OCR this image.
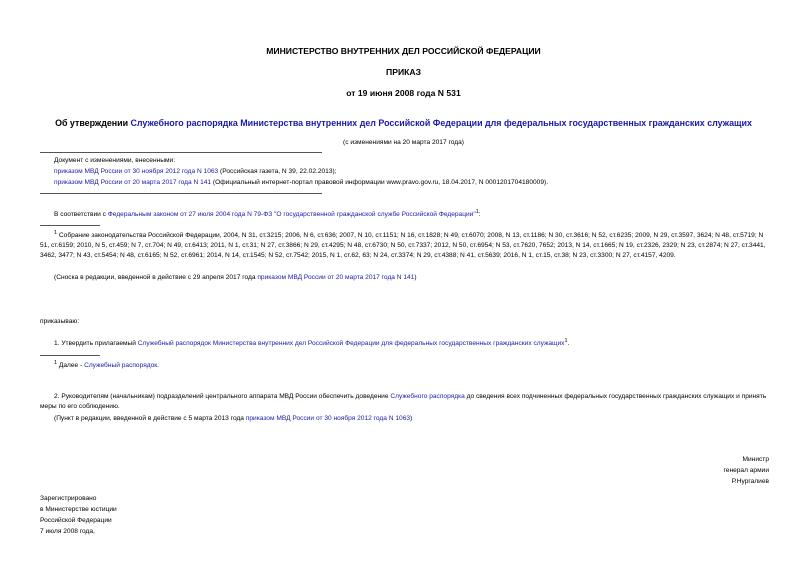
МИНИСТЕРСТВО ВНУТРЕННИХ ДЕЛ РОССИЙСКОЙ ФЕДЕРАЦИИ
ПРИКАЗ
от 19 июня 2008 года N 531
Об утверждении Служебного распорядка Министерства внутренних дел Российской Федерации для федеральных государственных гражданских служащих
(с изменениями на 20 марта 2017 года)
Документ с изменениями, внесенными:
приказом МВД России от 30 ноября 2012 года N 1063 (Российская газета, N 39, 22.02.2013);
приказом МВД России от 20 марта 2017 года N 141 (Официальный интернет-портал правовой информации www.pravo.gov.ru, 18.04.2017, N 0001201704180009).
В соответствии с Федеральным законом от 27 июля 2004 года N 79-ФЗ "О государственной гражданской службе Российской Федерации"$^1$:
$^1$ Собрание законодательства Российской Федерации, 2004, N 31, ст.3215; 2006, N 6, ст.636; 2007, N 10, ст.1151; N 16, ст.1828; N 49, ст.6070; 2008, N 13, ст.1186; N 30, ст.3616; N 52, ст.6235; 2009, N 29, ст.3597, 3624; N 48, ст.5719; N 51, ст.6159; 2010, N 5, ст.459; N 7, ст.704; N 49, ст.6413; 2011, N 1, ст.31; N 27, ст.3866; N 29, ст.4295; N 48, ст.6730; N 50, ст.7337; 2012, N 50, ст.6954; N 53, ст.7620, 7652; 2013, N 14, ст.1665; N 19, ст.2326, 2329; N 23, ст.2874; N 27, ст.3441, 3462, 3477; N 43, ст.5454; N 48, ст.6165; N 52, ст.6961; 2014, N 14, ст.1545; N 52, ст.7542; 2015, N 1, ст.62, 63; N 24, ст.3374; N 29, ст.4388; N 41, ст.5639; 2016, N 1, ст.15, ст.38; N 23, ст.3300; N 27, ст.4157, 4209.
(Сноска в редакции, введенной в действие с 29 апреля 2017 года приказом МВД России от 20 марта 2017 года N 141)
приказываю:
1. Утвердить прилагаемый Служебный распорядок Министерства внутренних дел Российской Федерации для федеральных государственных гражданских служащих$^1$.
$^1$ Далее - Служебный распорядок.
2. Руководителям (начальникам) подразделений центрального аппарата МВД России обеспечить доведение Служебного распорядка до сведения всех подчиненных федеральных государственных гражданских служащих и принять меры по его соблюдению.
(Пункт в редакции, введенной в действие с 5 марта 2013 года приказом МВД России от 30 ноября 2012 года N 1063)
Министр
генерал армии
Р.Нургалиев
Зарегистрировано
в Министерстве юстиции
Российской Федерации
7 июля 2008 года,
